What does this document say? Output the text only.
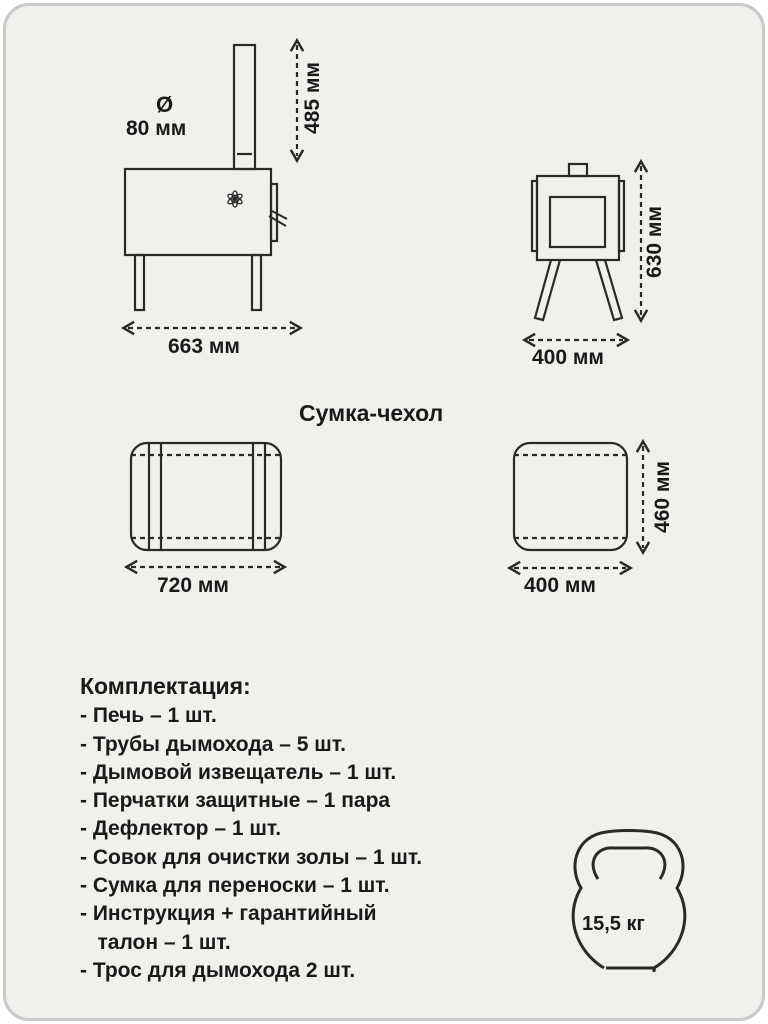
Ø
80 мм	485 мм
663 мм
630 мм
400 мм
Сумка-чехол
720 мм	400 мм
460 мм
Комплектация:
- Печь – 1 шт.
- Трубы дымохода – 5 шт.
- Дымовой извещатель – 1 шт.
- Перчатки защитные – 1 пара
- Дефлектор – 1 шт.
- Совок для очистки золы – 1 шт.
- Сумка для переноски – 1 шт.
- Инструкция + гарантийный
талон – 1 шт.
- Трос для дымохода 2 шт.
15,5 кг
